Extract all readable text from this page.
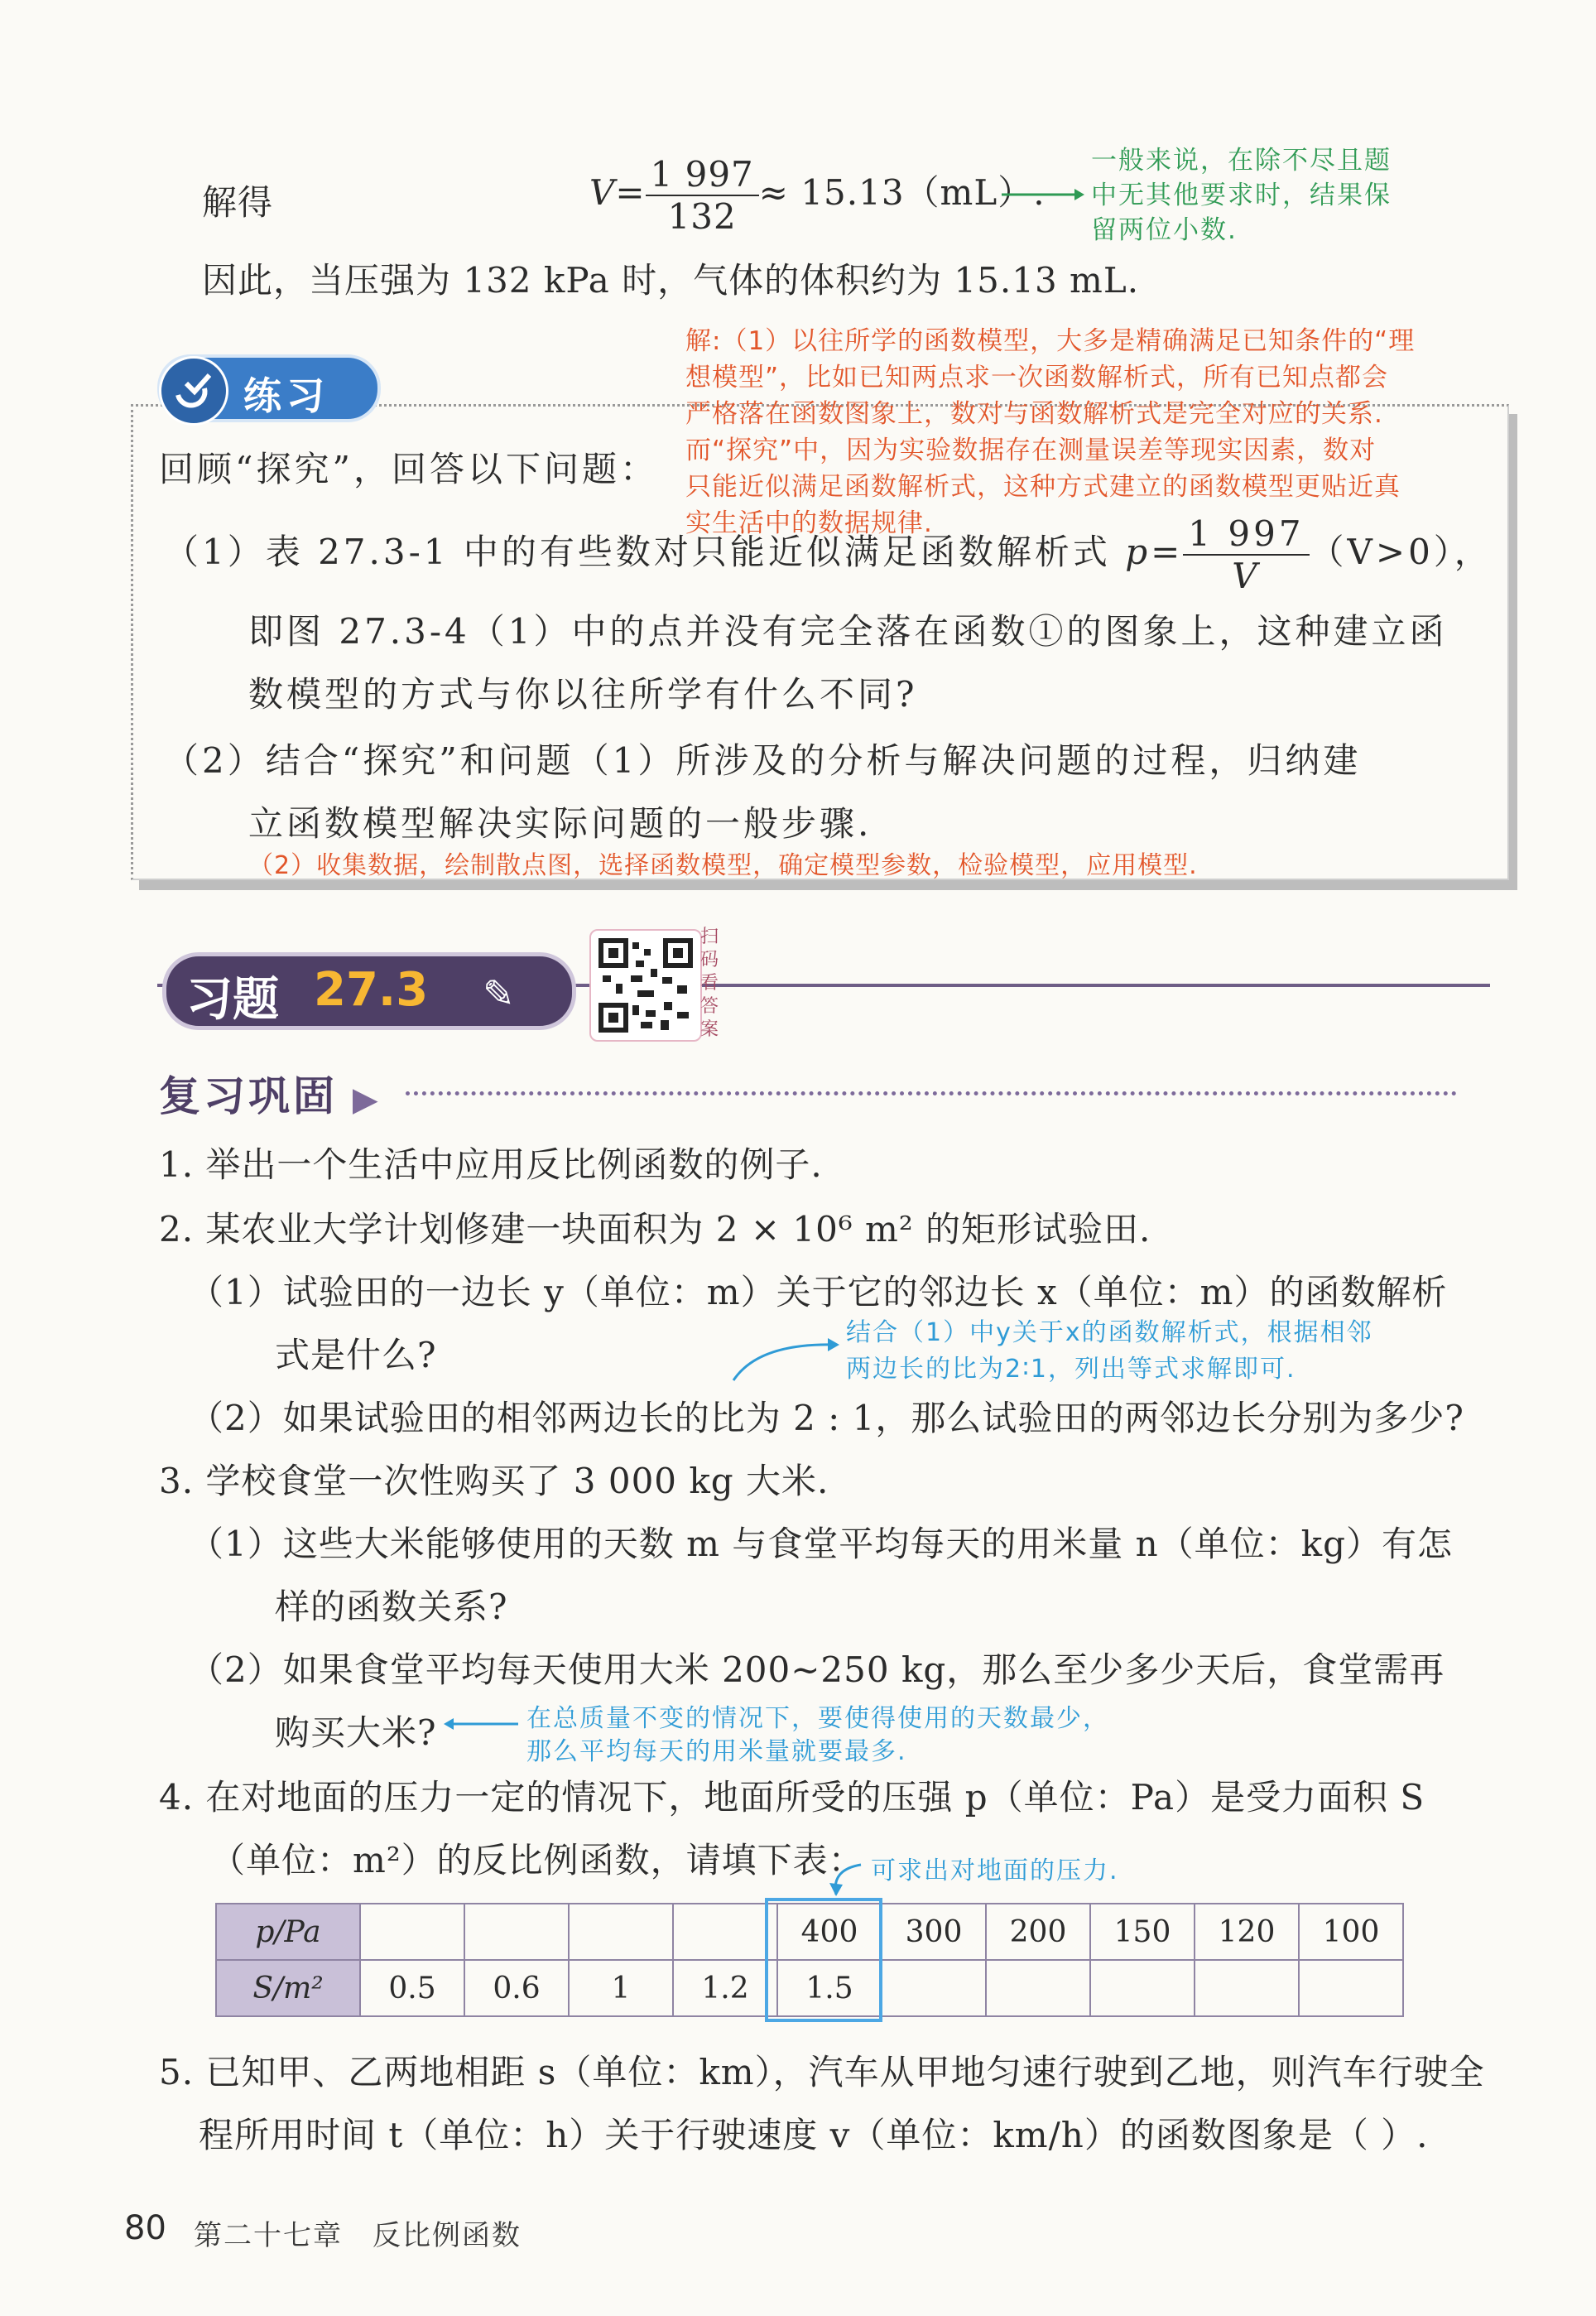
解得	$V= \frac{1 997}{132} \approx 15.13(mL)$.
一般来说，在除不尽且题
中无其他要求时，结果保
留两位小数.
因此，当压强为 132 kPa 时，气体的体积约为 15.13 mL.
练习
回顾“探究”，回答以下问题：
解:（1）以往所学的函数模型，大多是精确满足已知条件的“理
想模型”，比如已知两点求一次函数解析式，所有已知点都会
严格落在函数图象上，数对与函数解析式是完全对应的关系.
而“探究”中，因为实验数据存在测量误差等现实因素，数对
只能近似满足函数解析式，这种方式建立的函数模型更贴近真
实生活中的数据规律.
（1）表 27.3-1 中的有些数对只能近似满足函数解析式 $p= \frac{1 997}{V} (V>0)$，
即图 27.3-4（1）中的点并没有完全落在函数①的图象上，这种建立函
数模型的方式与你以往所学有什么不同?
（2）结合“探究”和问题（1）所涉及的分析与解决问题的过程，归纳建
立函数模型解决实际问题的一般步骤.
（2）收集数据，绘制散点图，选择函数模型，确定模型参数，检验模型，应用模型.
习题 27.3 ✎
扫码看答案
复习巩固 ▶
1. 举出一个生活中应用反比例函数的例子.
2. 某农业大学计划修建一块面积为 2 × 10⁶ m² 的矩形试验田.
（1）试验田的一边长 y（单位：m）关于它的邻边长 x（单位：m）的函数解析
式是什么?
结合（1）中y关于x的函数解析式，根据相邻
两边长的比为2∶1，列出等式求解即可.
（2）如果试验田的相邻两边长的比为 2 : 1，那么试验田的两邻边长分别为多少?
3. 学校食堂一次性购买了 3 000 kg 大米.
（1）这些大米能够使用的天数 m 与食堂平均每天的用米量 n（单位：kg）有怎
样的函数关系?
（2）如果食堂平均每天使用大米 200~250 kg，那么至少多少天后，食堂需再
购买大米?	在总质量不变的情况下，要使得使用的天数最少，
那么平均每天的用米量就要最多.
4. 在对地面的压力一定的情况下，地面所受的压强 p（单位：Pa）是受力面积 S
（单位：m²）的反比例函数，请填下表： 可求出对地面的压力.
p/Pa					400	300	200	150	120	100
S/m²	0.5	0.6	1	1.2	1.5					
5. 已知甲、乙两地相距 s（单位：km），汽车从甲地匀速行驶到乙地，则汽车行驶全
程所用时间 t（单位：h）关于行驶速度 v（单位：km/h）的函数图象是（ ）.
80 第二十七章　反比例函数
